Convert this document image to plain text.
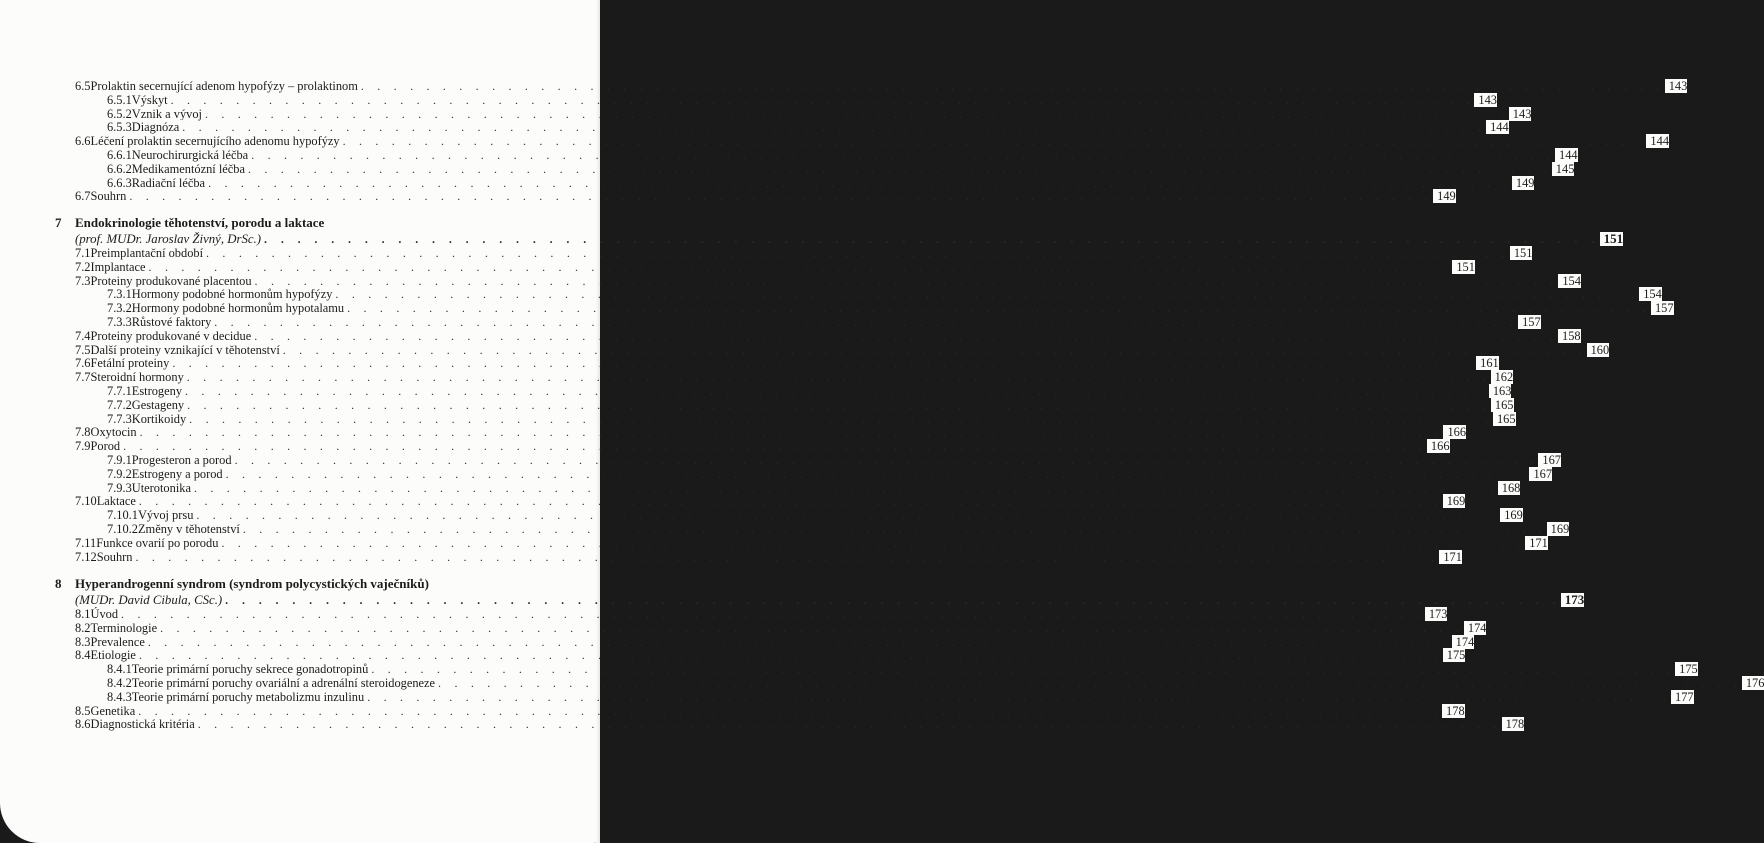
6.5 Prolaktin secernující adenom hypofýzy – prolaktinom . . . . . . . . . . . . . . . . . . . . . . . . . . . . . . . . . . . . . . . . . . . . . . . . . . . . . . . . . . . . . . . . . . . . . . . . . . . . . . . . 143
6.5.1 Výskyt . . . . . . . . . . . . . . . . . . . . . . . . . . . . . . . . . . . . . . . . . . . . . . . . . . . . . . . . . . . . . . . . . . . . . . . . . . . . . . . . 143
6.5.2 Vznik a vývoj . . . . . . . . . . . . . . . . . . . . . . . . . . . . . . . . . . . . . . . . . . . . . . . . . . . . . . . . . . . . . . . . . . . . . . . . . . . . . . . . 143
6.5.3 Diagnóza . . . . . . . . . . . . . . . . . . . . . . . . . . . . . . . . . . . . . . . . . . . . . . . . . . . . . . . . . . . . . . . . . . . . . . . . . . . . . . . . 144
6.6 Léčení prolaktin secernujícího adenomu hypofýzy . . . . . . . . . . . . . . . . . . . . . . . . . . . . . . . . . . . . . . . . . . . . . . . . . . . . . . . . . . . . . . . . . . . . . . . . . . . . . . . . 144
6.6.1 Neurochirurgická léčba . . . . . . . . . . . . . . . . . . . . . . . . . . . . . . . . . . . . . . . . . . . . . . . . . . . . . . . . . . . . . . . . . . . . . . . . . . . . . . . . 144
6.6.2 Medikamentózní léčba . . . . . . . . . . . . . . . . . . . . . . . . . . . . . . . . . . . . . . . . . . . . . . . . . . . . . . . . . . . . . . . . . . . . . . . . . . . . . . . . 145
6.6.3 Radiační léčba . . . . . . . . . . . . . . . . . . . . . . . . . . . . . . . . . . . . . . . . . . . . . . . . . . . . . . . . . . . . . . . . . . . . . . . . . . . . . . . . 149
6.7 Souhrn . . . . . . . . . . . . . . . . . . . . . . . . . . . . . . . . . . . . . . . . . . . . . . . . . . . . . . . . . . . . . . . . . . . . . . . . . . . . . . . . 149
7 Endokrinologie těhotenství, porodu a laktace
(prof. MUDr. Jaroslav Živný, DrSc.) . . . . . . . . . . . . . . . . . . . . . . . . . . . . . . . . . . . . . . . . . . . . . . . . . . . . . . . . . . . . . . . . . . . . . . . . . . . . . . . . 151
7.1 Preimplantační období . . . . . . . . . . . . . . . . . . . . . . . . . . . . . . . . . . . . . . . . . . . . . . . . . . . . . . . . . . . . . . . . . . . . . . . . . . . . . . . . 151
7.2 Implantace . . . . . . . . . . . . . . . . . . . . . . . . . . . . . . . . . . . . . . . . . . . . . . . . . . . . . . . . . . . . . . . . . . . . . . . . . . . . . . . . 151
7.3 Proteiny produkované placentou . . . . . . . . . . . . . . . . . . . . . . . . . . . . . . . . . . . . . . . . . . . . . . . . . . . . . . . . . . . . . . . . . . . . . . . . . . . . . . . . 154
7.3.1 Hormony podobné hormonům hypofýzy . . . . . . . . . . . . . . . . . . . . . . . . . . . . . . . . . . . . . . . . . . . . . . . . . . . . . . . . . . . . . . . . . . . . . . . . . . . . . . . . 154
7.3.2 Hormony podobné hormonům hypotalamu . . . . . . . . . . . . . . . . . . . . . . . . . . . . . . . . . . . . . . . . . . . . . . . . . . . . . . . . . . . . . . . . . . . . . . . . . . . . . . . . 157
7.3.3 Růstové faktory . . . . . . . . . . . . . . . . . . . . . . . . . . . . . . . . . . . . . . . . . . . . . . . . . . . . . . . . . . . . . . . . . . . . . . . . . . . . . . . . 157
7.4 Proteiny produkované v decidue . . . . . . . . . . . . . . . . . . . . . . . . . . . . . . . . . . . . . . . . . . . . . . . . . . . . . . . . . . . . . . . . . . . . . . . . . . . . . . . . 158
7.5 Další proteiny vznikající v těhotenství . . . . . . . . . . . . . . . . . . . . . . . . . . . . . . . . . . . . . . . . . . . . . . . . . . . . . . . . . . . . . . . . . . . . . . . . . . . . . . . . 160
7.6 Fetální proteiny . . . . . . . . . . . . . . . . . . . . . . . . . . . . . . . . . . . . . . . . . . . . . . . . . . . . . . . . . . . . . . . . . . . . . . . . . . . . . . . . 161
7.7 Steroidní hormony . . . . . . . . . . . . . . . . . . . . . . . . . . . . . . . . . . . . . . . . . . . . . . . . . . . . . . . . . . . . . . . . . . . . . . . . . . . . . . . . 162
7.7.1 Estrogeny . . . . . . . . . . . . . . . . . . . . . . . . . . . . . . . . . . . . . . . . . . . . . . . . . . . . . . . . . . . . . . . . . . . . . . . . . . . . . . . . 163
7.7.2 Gestageny . . . . . . . . . . . . . . . . . . . . . . . . . . . . . . . . . . . . . . . . . . . . . . . . . . . . . . . . . . . . . . . . . . . . . . . . . . . . . . . . 165
7.7.3 Kortikoidy . . . . . . . . . . . . . . . . . . . . . . . . . . . . . . . . . . . . . . . . . . . . . . . . . . . . . . . . . . . . . . . . . . . . . . . . . . . . . . . . 165
7.8 Oxytocin . . . . . . . . . . . . . . . . . . . . . . . . . . . . . . . . . . . . . . . . . . . . . . . . . . . . . . . . . . . . . . . . . . . . . . . . . . . . . . . . 166
7.9 Porod . . . . . . . . . . . . . . . . . . . . . . . . . . . . . . . . . . . . . . . . . . . . . . . . . . . . . . . . . . . . . . . . . . . . . . . . . . . . . . . . 166
7.9.1 Progesteron a porod . . . . . . . . . . . . . . . . . . . . . . . . . . . . . . . . . . . . . . . . . . . . . . . . . . . . . . . . . . . . . . . . . . . . . . . . . . . . . . . . 167
7.9.2 Estrogeny a porod . . . . . . . . . . . . . . . . . . . . . . . . . . . . . . . . . . . . . . . . . . . . . . . . . . . . . . . . . . . . . . . . . . . . . . . . . . . . . . . . 167
7.9.3 Uterotonika . . . . . . . . . . . . . . . . . . . . . . . . . . . . . . . . . . . . . . . . . . . . . . . . . . . . . . . . . . . . . . . . . . . . . . . . . . . . . . . . 168
7.10 Laktace . . . . . . . . . . . . . . . . . . . . . . . . . . . . . . . . . . . . . . . . . . . . . . . . . . . . . . . . . . . . . . . . . . . . . . . . . . . . . . . . 169
7.10.1 Vývoj prsu . . . . . . . . . . . . . . . . . . . . . . . . . . . . . . . . . . . . . . . . . . . . . . . . . . . . . . . . . . . . . . . . . . . . . . . . . . . . . . . . 169
7.10.2 Změny v těhotenství . . . . . . . . . . . . . . . . . . . . . . . . . . . . . . . . . . . . . . . . . . . . . . . . . . . . . . . . . . . . . . . . . . . . . . . . . . . . . . . . 169
7.11 Funkce ovarií po porodu . . . . . . . . . . . . . . . . . . . . . . . . . . . . . . . . . . . . . . . . . . . . . . . . . . . . . . . . . . . . . . . . . . . . . . . . . . . . . . . . 171
7.12 Souhrn . . . . . . . . . . . . . . . . . . . . . . . . . . . . . . . . . . . . . . . . . . . . . . . . . . . . . . . . . . . . . . . . . . . . . . . . . . . . . . . . 171
8 Hyperandrogenní syndrom (syndrom polycystických vaječníků)
(MUDr. David Cibula, CSc.) . . . . . . . . . . . . . . . . . . . . . . . . . . . . . . . . . . . . . . . . . . . . . . . . . . . . . . . . . . . . . . . . . . . . . . . . . . . . . . . . 173
8.1 Úvod . . . . . . . . . . . . . . . . . . . . . . . . . . . . . . . . . . . . . . . . . . . . . . . . . . . . . . . . . . . . . . . . . . . . . . . . . . . . . . . . 173
8.2 Terminologie . . . . . . . . . . . . . . . . . . . . . . . . . . . . . . . . . . . . . . . . . . . . . . . . . . . . . . . . . . . . . . . . . . . . . . . . . . . . . . . . 174
8.3 Prevalence . . . . . . . . . . . . . . . . . . . . . . . . . . . . . . . . . . . . . . . . . . . . . . . . . . . . . . . . . . . . . . . . . . . . . . . . . . . . . . . . 174
8.4 Etiologie . . . . . . . . . . . . . . . . . . . . . . . . . . . . . . . . . . . . . . . . . . . . . . . . . . . . . . . . . . . . . . . . . . . . . . . . . . . . . . . . 175
8.4.1 Teorie primární poruchy sekrece gonadotropinů . . . . . . . . . . . . . . . . . . . . . . . . . . . . . . . . . . . . . . . . . . . . . . . . . . . . . . . . . . . . . . . . . . . . . . . . . . . . . . . . 175
8.4.2 Teorie primární poruchy ovariální a adrenální steroidogeneze . . . . . . . . . . . . . . . . . . . . . . . . . . . . . . . . . . . . . . . . . . . . . . . . . . . . . . . . . . . . . . . . . . . . . . . . . . . . . . . . 176
8.4.3 Teorie primární poruchy metabolizmu inzulinu . . . . . . . . . . . . . . . . . . . . . . . . . . . . . . . . . . . . . . . . . . . . . . . . . . . . . . . . . . . . . . . . . . . . . . . . . . . . . . . . 177
8.5 Genetika . . . . . . . . . . . . . . . . . . . . . . . . . . . . . . . . . . . . . . . . . . . . . . . . . . . . . . . . . . . . . . . . . . . . . . . . . . . . . . . . 178
8.6 Diagnostická kritéria . . . . . . . . . . . . . . . . . . . . . . . . . . . . . . . . . . . . . . . . . . . . . . . . . . . . . . . . . . . . . . . . . . . . . . . . . . . . . . . . 178
